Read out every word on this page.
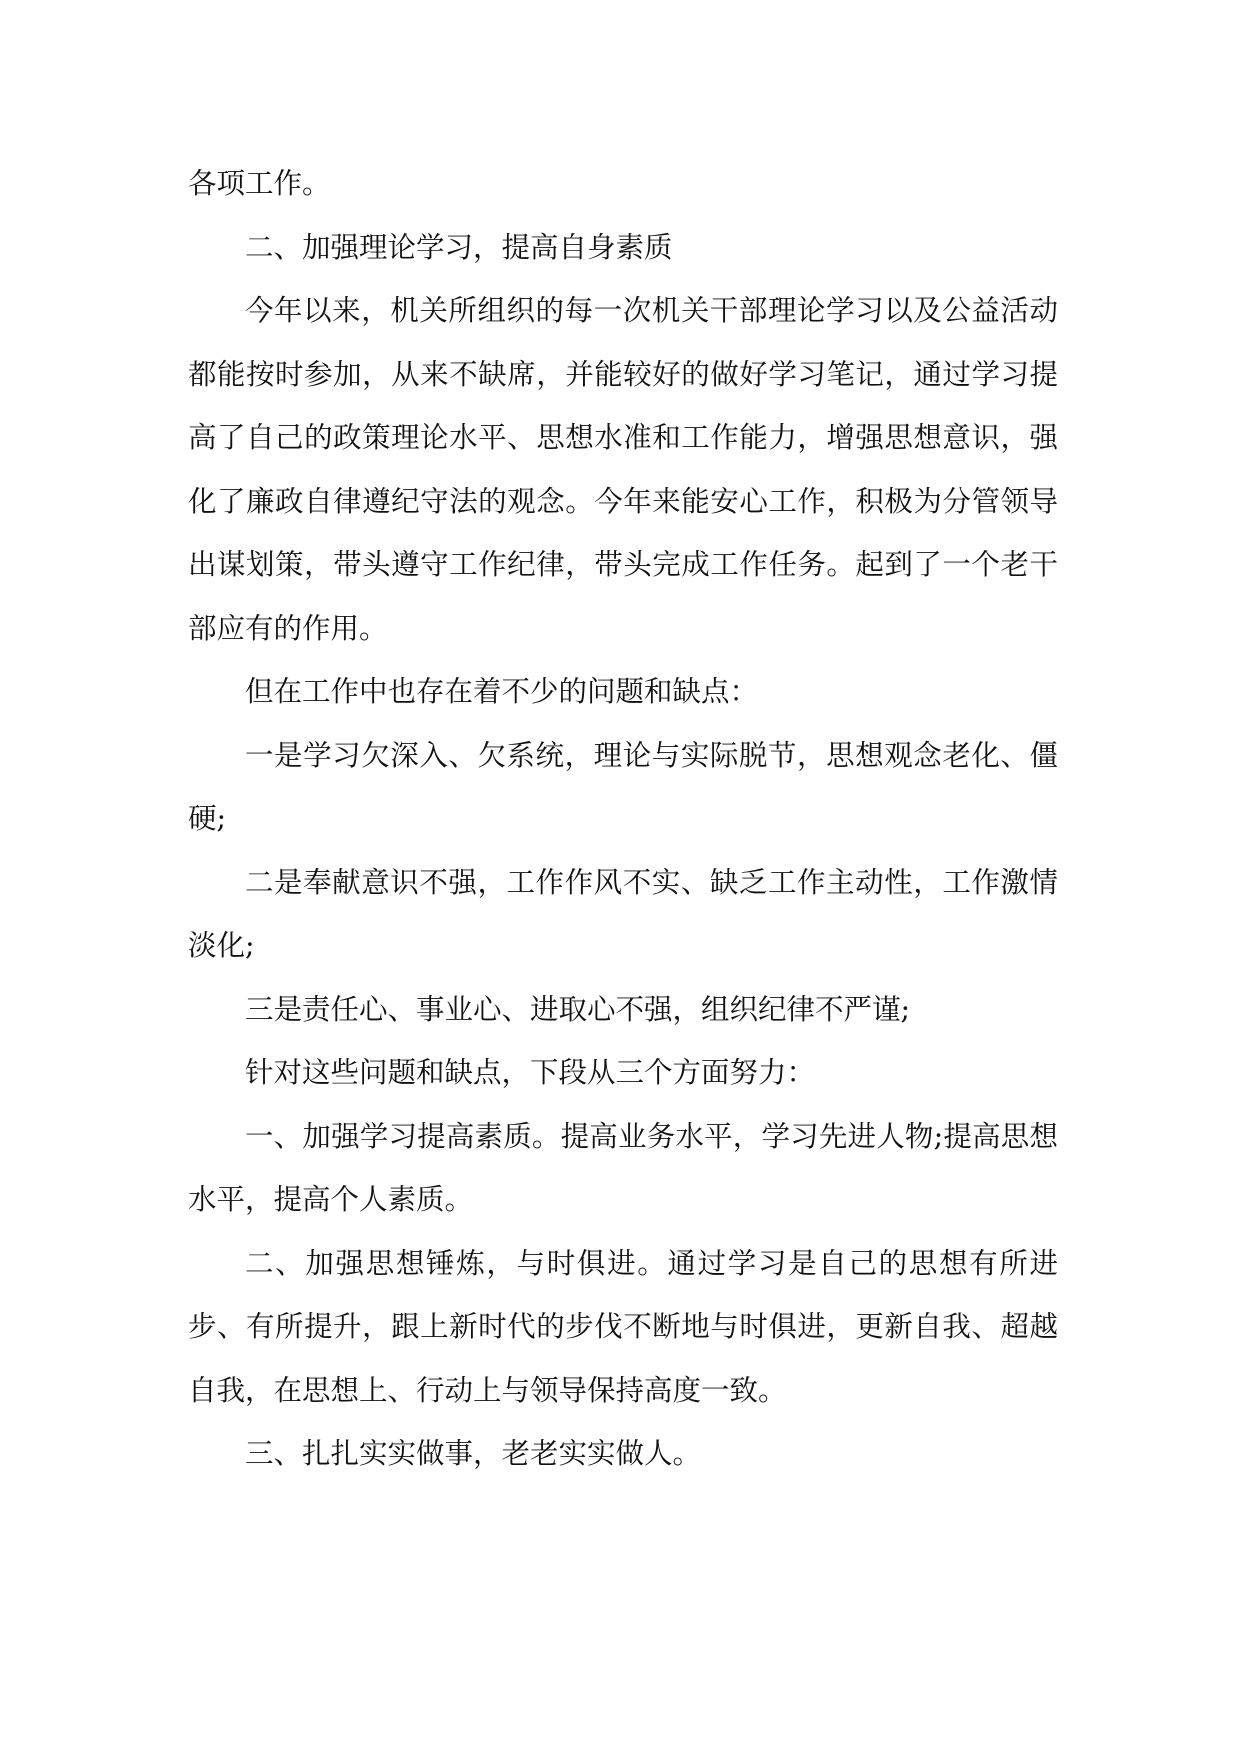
各项工作。

二、加强理论学习，提高自身素质

今年以来，机关所组织的每一次机关干部理论学习以及公益活动都能按时参加，从来不缺席，并能较好的做好学习笔记，通过学习提高了自己的政策理论水平、思想水准和工作能力，增强思想意识，强化了廉政自律遵纪守法的观念。今年来能安心工作，积极为分管领导出谋划策，带头遵守工作纪律，带头完成工作任务。起到了一个老干部应有的作用。

但在工作中也存在着不少的问题和缺点：

一是学习欠深入、欠系统，理论与实际脱节，思想观念老化、僵硬;

二是奉献意识不强，工作作风不实、缺乏工作主动性，工作激情淡化;

三是责任心、事业心、进取心不强，组织纪律不严谨;

针对这些问题和缺点，下段从三个方面努力：

一、加强学习提高素质。提高业务水平，学习先进人物;提高思想水平，提高个人素质。

二、加强思想锤炼，与时俱进。通过学习是自己的思想有所进步、有所提升，跟上新时代的步伐不断地与时俱进，更新自我、超越自我，在思想上、行动上与领导保持高度一致。

三、扎扎实实做事，老老实实做人。
